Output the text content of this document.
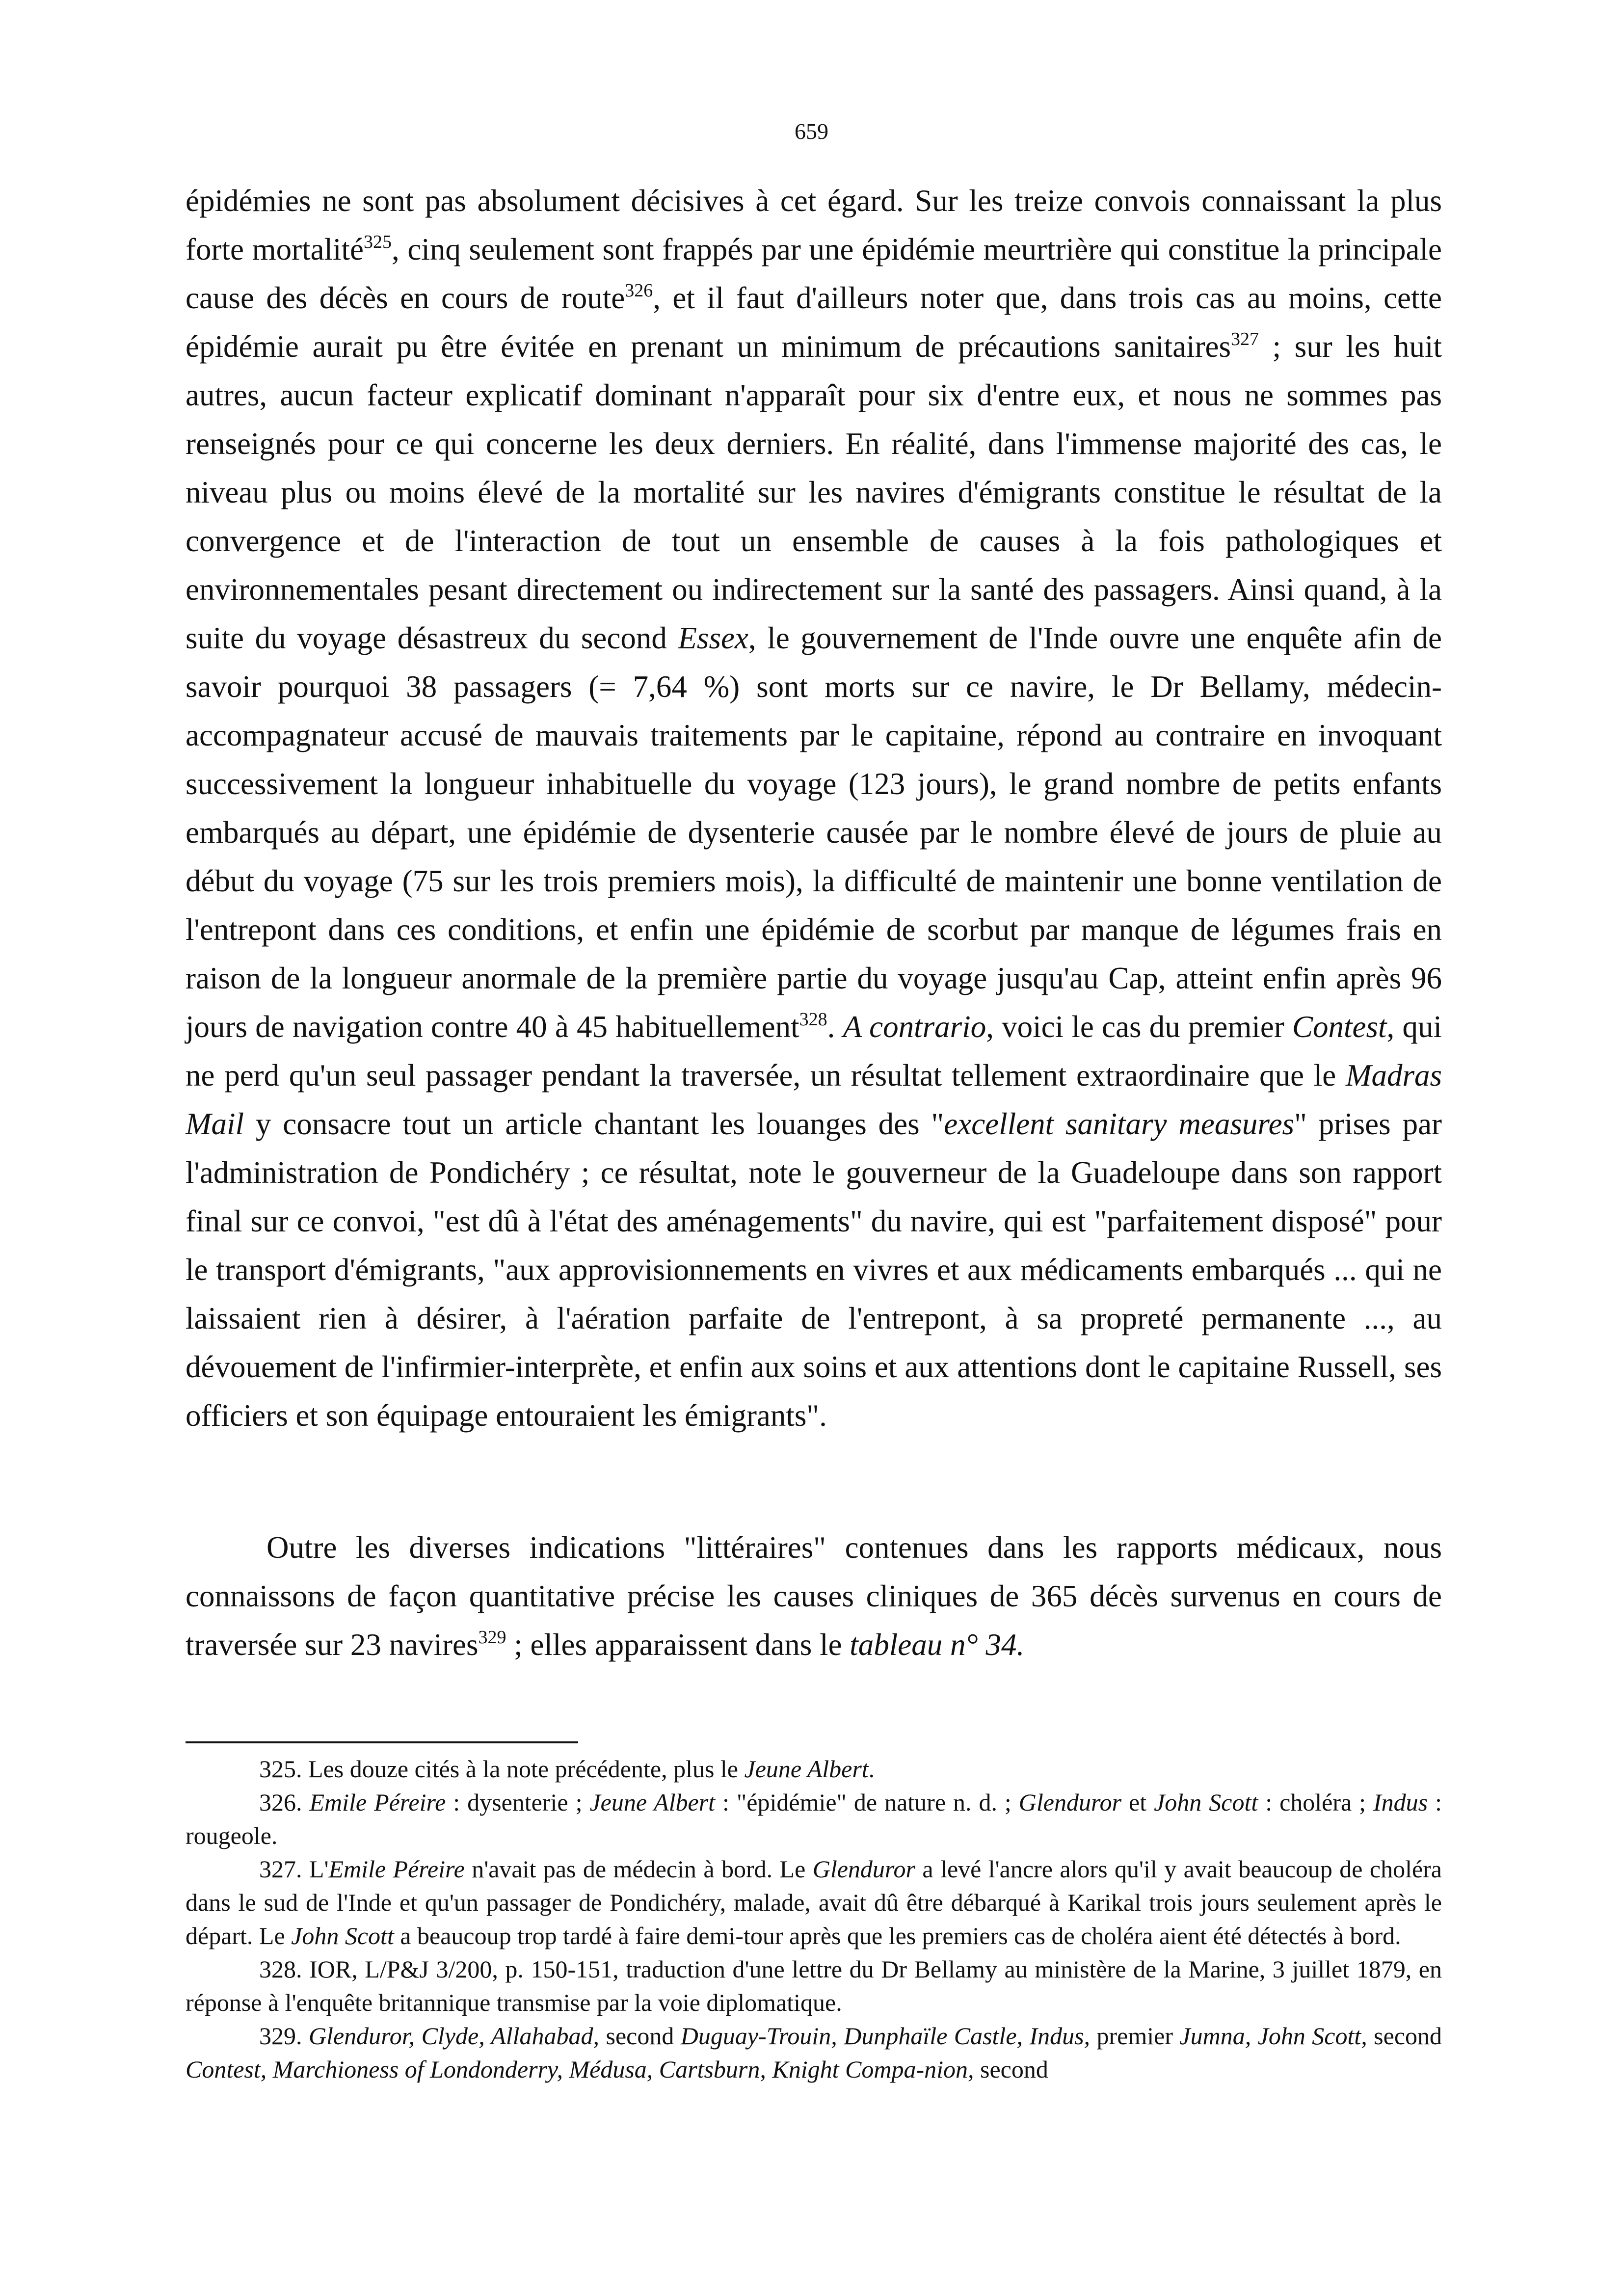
659

épidémies ne sont pas absolument décisives à cet égard. Sur les treize convois connaissant la plus forte mortalité$^{325}$, cinq seulement sont frappés par une épidémie meurtrière qui constitue la principale cause des décès en cours de route$^{326}$, et il faut d'ailleurs noter que, dans trois cas au moins, cette épidémie aurait pu être évitée en prenant un minimum de précautions sanitaires$^{327}$ ; sur les huit autres, aucun facteur explicatif dominant n'apparaît pour six d'entre eux, et nous ne sommes pas renseignés pour ce qui concerne les deux derniers. En réalité, dans l'immense majorité des cas, le niveau plus ou moins élevé de la mortalité sur les navires d'émigrants constitue le résultat de la convergence et de l'interaction de tout un ensemble de causes à la fois pathologiques et environnementales pesant directement ou indirectement sur la santé des passagers. Ainsi quand, à la suite du voyage désastreux du second Essex, le gouvernement de l'Inde ouvre une enquête afin de savoir pourquoi 38 passagers (= 7,64 %) sont morts sur ce navire, le Dr Bellamy, médecin-accompagnateur accusé de mauvais traitements par le capitaine, répond au contraire en invoquant successivement la longueur inhabituelle du voyage (123 jours), le grand nombre de petits enfants embarqués au départ, une épidémie de dysenterie causée par le nombre élevé de jours de pluie au début du voyage (75 sur les trois premiers mois), la difficulté de maintenir une bonne ventilation de l'entrepont dans ces conditions, et enfin une épidémie de scorbut par manque de légumes frais en raison de la longueur anormale de la première partie du voyage jusqu'au Cap, atteint enfin après 96 jours de navigation contre 40 à 45 habituellement$^{328}$. A contrario, voici le cas du premier Contest, qui ne perd qu'un seul passager pendant la traversée, un résultat tellement extraordinaire que le Madras Mail y consacre tout un article chantant les louanges des "excellent sanitary measures" prises par l'administration de Pondichéry ; ce résultat, note le gouverneur de la Guadeloupe dans son rapport final sur ce convoi, "est dû à l'état des aménagements" du navire, qui est "parfaitement disposé" pour le transport d'émigrants, "aux approvisionnements en vivres et aux médicaments embarqués ... qui ne laissaient rien à désirer, à l'aération parfaite de l'entrepont, à sa propreté permanente ..., au dévouement de l'infirmier-interprète, et enfin aux soins et aux attentions dont le capitaine Russell, ses officiers et son équipage entouraient les émigrants".

Outre les diverses indications "littéraires" contenues dans les rapports médicaux, nous connaissons de façon quantitative précise les causes cliniques de 365 décès survenus en cours de traversée sur 23 navires$^{329}$ ; elles apparaissent dans le tableau n° 34.

325. Les douze cités à la note précédente, plus le Jeune Albert.

326. Emile Péreire : dysenterie ; Jeune Albert : "épidémie" de nature n. d. ; Glenduror et John Scott : choléra ; Indus : rougeole.

327. L'Emile Péreire n'avait pas de médecin à bord. Le Glenduror a levé l'ancre alors qu'il y avait beaucoup de choléra dans le sud de l'Inde et qu'un passager de Pondichéry, malade, avait dû être débarqué à Karikal trois jours seulement après le départ. Le John Scott a beaucoup trop tardé à faire demi-tour après que les premiers cas de choléra aient été détectés à bord.

328. IOR, L/P&J 3/200, p. 150-151, traduction d'une lettre du Dr Bellamy au ministère de la Marine, 3 juillet 1879, en réponse à l'enquête britannique transmise par la voie diplomatique.

329. Glenduror, Clyde, Allahabad, second Duguay-Trouin, Dunphaïle Castle, Indus, premier Jumna, John Scott, second Contest, Marchioness of Londonderry, Médusa, Cartsburn, Knight Compa-nion, second
